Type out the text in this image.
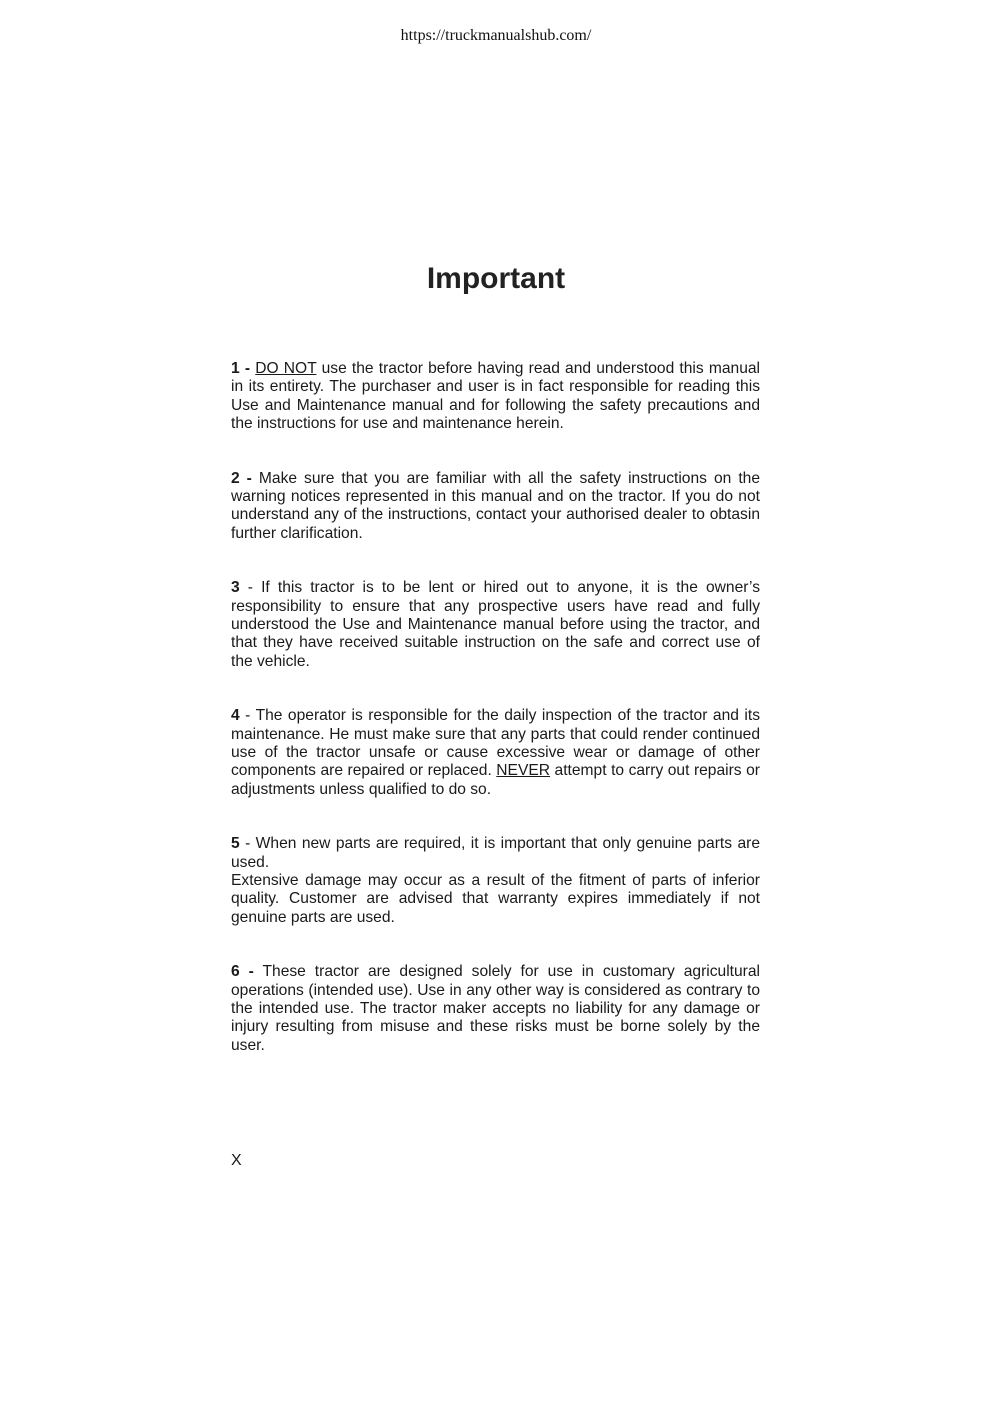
https://truckmanualshub.com/
Important

1 - DO NOT use the tractor before having read and understood this manual in its entirety. The purchaser and user is in fact responsible for reading this Use and Maintenance manual and for following the safety precautions and the instructions for use and maintenance herein.

2 - Make sure that you are familiar with all the safety instructions on the warning notices represented in this manual and on the tractor. If you do not understand any of the instructions, contact your authorised dealer to obtasin further clarification.

3 - If this tractor is to be lent or hired out to anyone, it is the owner’s responsibility to ensure that any prospective users have read and fully understood the Use and Maintenance manual before using the tractor, and that they have received suitable instruction on the safe and correct use of the vehicle.

4 - The operator is responsible for the daily inspection of the tractor and its maintenance. He must make sure that any parts that could render continued use of the tractor unsafe or cause excessive wear or damage of other components are repaired or replaced. NEVER attempt to carry out repairs or adjustments unless qualified to do so.

5 - When new parts are required, it is important that only genuine parts are used.
Extensive damage may occur as a result of the fitment of parts of inferior quality. Customer are advised that warranty expires immediately if not genuine parts are used.

6 - These tractor are designed solely for use in customary agricultural operations (intended use). Use in any other way is considered as contrary to the intended use. The tractor maker accepts no liability for any damage or injury resulting from misuse and these risks must be borne solely by the user.

X
